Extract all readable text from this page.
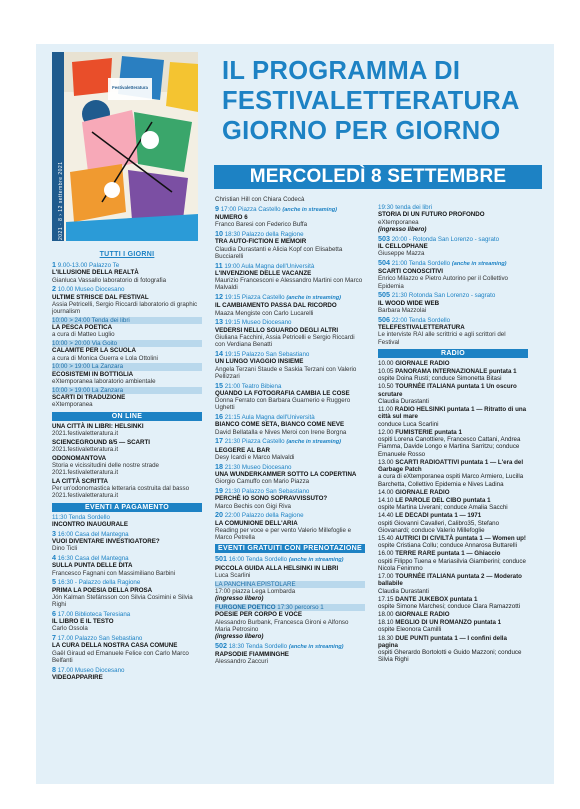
2021 · 8 › 12 settembre 2021
Festivaletteratura
IL PROGRAMMA DI
FESTIVALETTERATURA
GIORNO PER GIORNO
MERCOLEDÌ 8 SETTEMBRE
TUTTI I GIORNI
1 9.00-13.00 Palazzo Te
L'ILLUSIONE DELLA REALTÀ
Gianluca Vassallo laboratorio di fotografia
2 10.00 Museo Diocesano
ULTIME STRISCE DAL FESTIVAL
Assia Petricelli, Sergio Riccardi laboratorio di graphic journalism
10:00 > 24:00 Tenda dei libri
LA PESCA POETICA
a cura di Matteo Luglio
10:00 > 20:00 Via Goito
CALAMITE PER LA SCUOLA
a cura di Monica Guerra e Lola Ottolini
10:00 > 19:00 La Zanzara
ECOSISTEMI IN BOTTIGLIA
eXtemporanea laboratorio ambientale
10:00 > 19:00 La Zanzara
SCARTI DI TRADUZIONE
eXtemporanea
ON LINE
UNA CITTÀ IN LIBRI: HELSINKI
2021.festivaletteratura.it
SCIENCEGROUND 8/5 — SCARTI
2021.festivaletteratura.it
ODONOMANTOVA
Storia e vicissitudini delle nostre strade 2021.festivaletteratura.it
LA CITTÀ SCRITTA
Per un'odonomastica letteraria costruita dal basso 2021.festivaletteratura.it
EVENTI A PAGAMENTO
11:30 Tenda Sordello
INCONTRO INAUGURALE
3 16:00 Casa del Mantegna
VUOI DIVENTARE INVESTIGATORE?
Dino Ticli
4 16:30 Casa del Mantegna
SULLA PUNTA DELLE DITA
Francesco Fagnani con Massimiliano Barbini
5 16:30 - Palazzo della Ragione
PRIMA LA POESIA DELLA PROSA
Jón Kalman Stefánsson con Silvia Cosimini e Silvia Righi
6 17.00 Biblioteca Teresiana
IL LIBRO E IL TESTO
Carlo Ossola
7 17.00 Palazzo San Sebastiano
LA CURA DELLA NOSTRA CASA COMUNE
Gaël Giraud ed Emanuele Felice con Carlo Marco Belfanti
8 17.00 Museo Diocesano
VIDEOAPPARIRE
Christian Hill con Chiara Codecà
9 17:00 Piazza Castello (anche in streaming)
NUMERO 6
Franco Baresi con Federico Buffa
10 18:30 Palazzo della Ragione
TRA AUTO-FICTION E MEMOIR
Claudia Durastanti e Alicia Kopf con Elisabetta Bucciarelli
11 19:00 Aula Magna dell'Università
L'INVENZIONE DELLE VACANZE
Maurizio Francesconi e Alessandro Martini con Marco Malvaldi
12 19:15 Piazza Castello (anche in streaming)
IL CAMBIAMENTO PASSA DAL RICORDO
Maaza Mengiste con Carlo Lucarelli
13 19:15 Museo Diocesano
VEDERSI NELLO SGUARDO DEGLI ALTRI
Giuliana Facchini, Assia Petricelli e Sergio Riccardi con Verdiana Benatti
14 19:15 Palazzo San Sebastiano
UN LUNGO VIAGGIO INSIEME
Angela Terzani Staude e Saskia Terzani con Valerio Pellizzari
15 21:00 Teatro Bibiena
QUANDO LA FOTOGRAFIA CAMBIA LE COSE
Donna Ferrato con Barbara Guarnerio e Ruggero Ughetti
16 21:15 Aula Magna dell'Università
BIANCO COME SETA, BIANCO COME NEVE
David Bellatalla e Nives Meroi con Irene Borgna
17 21:30 Piazza Castello (anche in streaming)
LEGGERE AL BAR
Desy Icardi e Marco Malvaldi
18 21:30 Museo Diocesano
UNA WUNDERKAMMER SOTTO LA COPERTINA
Giorgio Camuffo con Mario Piazza
19 21:30 Palazzo San Sebastiano
PERCHÈ IO SONO SOPRAVVISSUTO?
Marco Bechis con Gigi Riva
20 22:00 Palazzo della Ragione
LA COMUNIONE DELL'ARIA
Reading per voce e per vento Valerio Millefoglie e Marco Petrella
EVENTI GRATUITI CON PRENOTAZIONE
501 16:00 Tenda Sordello (anche in streaming)
PICCOLA GUIDA ALLA HELSINKI IN LIBRI
Luca Scarlini
LA PANCHINA EPISTOLARE
17:00 piazza Lega Lombarda
(ingresso libero)
FURGONE POETICO 17:30 percorso 1
POESIE PER CORPO E VOCE
Alessandro Burbank, Francesca Gironi e Alfonso Maria Petrosino
(ingresso libero)
502 18:30 Tenda Sordello (anche in streaming)
RAPSODIE FIAMMINGHE
Alessandro Zaccuri
19:30 tenda dei libri
STORIA DI UN FUTURO PROFONDO
eXtemporanea
(ingresso libero)
503 20:00 - Rotonda San Lorenzo - sagrato
IL CELLOPHANE
Giuseppe Mazza
504 21:00 Tenda Sordello (anche in streaming)
SCARTI CONOSCITIVI
Enrico Milazzo e Pietro Autorino per il Collettivo Epidemia
505 21:30 Rotonda San Lorenzo - sagrato
IL WOOD WIDE WEB
Barbara Mazzolai
506 22:00 Tenda Sordello
TELEFESTIVALETTERATURA
Le interviste RAI alle scrittrici e agli scrittori del Festival
RADIO
10.00 GIORNALE RADIO
10.05 PANORAMA INTERNAZIONALE puntata 1
ospite Doina Rusti; conduce Simonetta Bitasi
10.50 TOURNÉE ITALIANA puntata 1 Un oscuro scrutare
Claudia Durastanti
11.00 RADIO HELSINKI puntata 1 — Ritratto di una città sul mare
conduce Luca Scarlini
12.00 FUMISTERIE puntata 1
ospiti Lorena Canottiere, Francesco Cattani, Andrea Fiamma, Davide Longo e Martina Sarritzu; conduce Emanuele Rosso
13.00 SCARTI RADIOATTIVI puntata 1 — L'era del Garbage Patch
a cura di eXtemporanea ospiti Marco Armiero, Lucilla Barchetta, Collettivo Epidemia e Nives Ladina
14.00 GIORNALE RADIO
14.10 LE PAROLE DEL CIBO puntata 1
ospite Martina Liverani; conduce Amalia Sacchi
14.40 LE DECADI puntata 1 — 1971
ospiti Giovanni Cavalleri, Calibro35, Stefano Giovanardi; conduce Valerio Millefoglie
15.40 AUTRICI DI CIVILTÀ puntata 1 — Women up!
ospite Cristiana Collu; conduce Annarosa Buttarelli
16.00 TERRE RARE puntata 1 — Ghiaccio
ospiti Filippo Tuena e Mariasilvia Giamberini; conduce Nicola Fenimmo
17.00 TOURNÉE ITALIANA puntata 2 — Moderato ballabile
Claudia Durastanti
17.15 DANTE JUKEBOX puntata 1
ospite Simone Marchesi; conduce Clara Ramazzotti
18.00 GIORNALE RADIO
18.10 MEGLIO DI UN ROMANZO puntata 1
ospite Eleonora Camilli
18.30 DUE PUNTI puntata 1 — I confini della pagina
ospiti Gherardo Bortolotti e Guido Mazzoni; conduce Silvia Righi
